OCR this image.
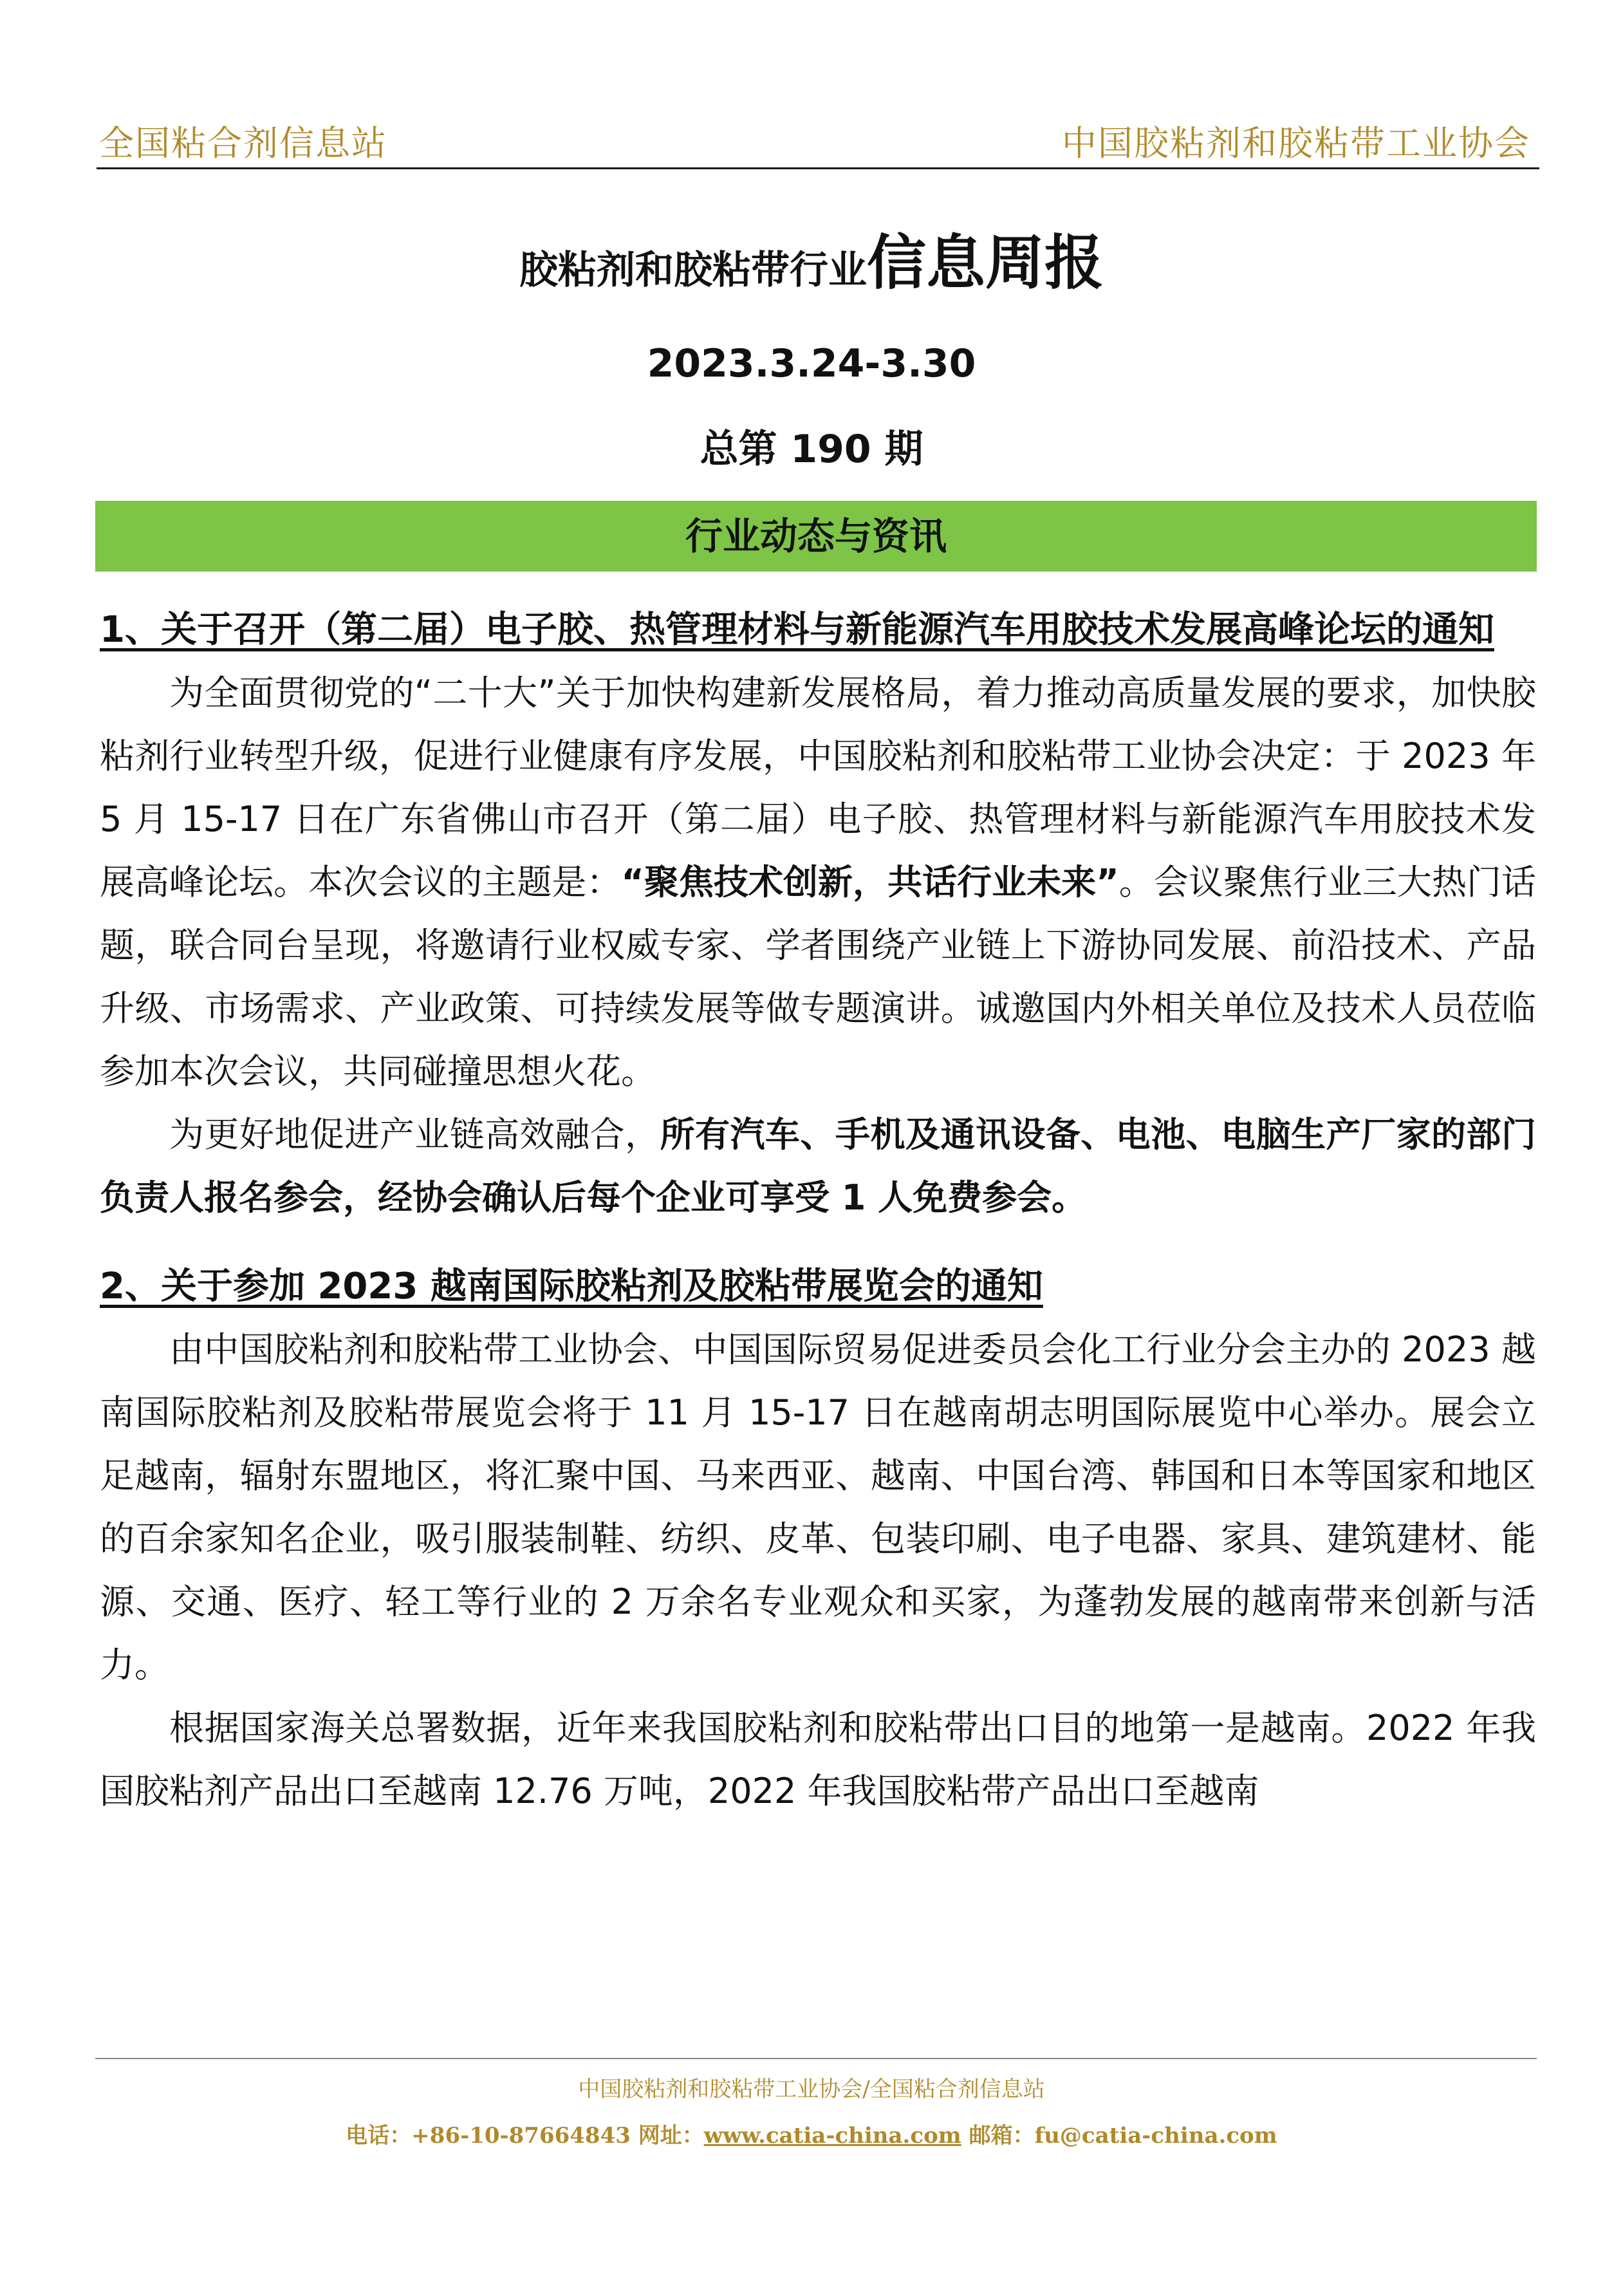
全国粘合剂信息站	中国胶粘剂和胶粘带工业协会
胶粘剂和胶粘带行业信息周报
2023.3.24-3.30
总第 190 期
行业动态与资讯

1、关于召开（第二届）电子胶、热管理材料与新能源汽车用胶技术发展高峰论坛的通知

为全面贯彻党的“二十大”关于加快构建新发展格局，着力推动高质量发展的要求，加快胶粘剂行业转型升级，促进行业健康有序发展，中国胶粘剂和胶粘带工业协会决定：于 2023 年 5 月 15-17 日在广东省佛山市召开（第二届）电子胶、热管理材料与新能源汽车用胶技术发展高峰论坛。本次会议的主题是：“聚焦技术创新，共话行业未来”。会议聚焦行业三大热门话题，联合同台呈现，将邀请行业权威专家、学者围绕产业链上下游协同发展、前沿技术、产品升级、市场需求、产业政策、可持续发展等做专题演讲。诚邀国内外相关单位及技术人员莅临参加本次会议，共同碰撞思想火花。

为更好地促进产业链高效融合，所有汽车、手机及通讯设备、电池、电脑生产厂家的部门负责人报名参会，经协会确认后每个企业可享受 1 人免费参会。

2、关于参加 2023 越南国际胶粘剂及胶粘带展览会的通知

由中国胶粘剂和胶粘带工业协会、中国国际贸易促进委员会化工行业分会主办的 2023 越南国际胶粘剂及胶粘带展览会将于 11 月 15-17 日在越南胡志明国际展览中心举办。展会立足越南，辐射东盟地区，将汇聚中国、马来西亚、越南、中国台湾、韩国和日本等国家和地区的百余家知名企业，吸引服装制鞋、纺织、皮革、包装印刷、电子电器、家具、建筑建材、能源、交通、医疗、轻工等行业的 2 万余名专业观众和买家，为蓬勃发展的越南带来创新与活力。

根据国家海关总署数据，近年来我国胶粘剂和胶粘带出口目的地第一是越南。2022 年我国胶粘剂产品出口至越南 12.76 万吨，2022 年我国胶粘带产品出口至越南

中国胶粘剂和胶粘带工业协会/全国粘合剂信息站
电话：+86-10-87664843 网址：www.catia-china.com 邮箱：fu@catia-china.com
